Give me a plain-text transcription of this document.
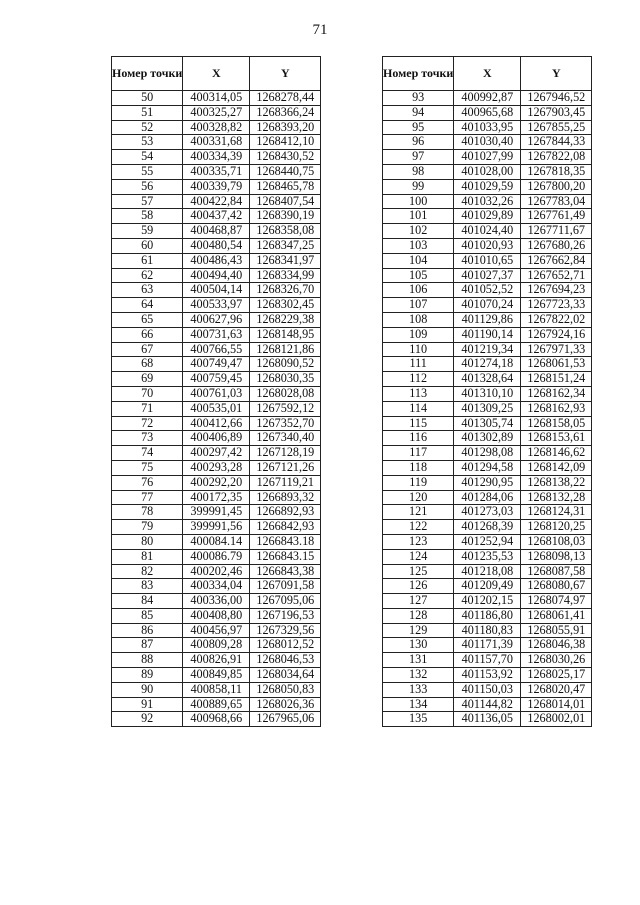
71
Номер точки	X	Y
50	400314,05	1268278,44
51	400325,27	1268366,24
52	400328,82	1268393,20
53	400331,68	1268412,10
54	400334,39	1268430,52
55	400335,71	1268440,75
56	400339,79	1268465,78
57	400422,84	1268407,54
58	400437,42	1268390,19
59	400468,87	1268358,08
60	400480,54	1268347,25
61	400486,43	1268341,97
62	400494,40	1268334,99
63	400504,14	1268326,70
64	400533,97	1268302,45
65	400627,96	1268229,38
66	400731,63	1268148,95
67	400766,55	1268121,86
68	400749,47	1268090,52
69	400759,45	1268030,35
70	400761,03	1268028,08
71	400535,01	1267592,12
72	400412,66	1267352,70
73	400406,89	1267340,40
74	400297,42	1267128,19
75	400293,28	1267121,26
76	400292,20	1267119,21
77	400172,35	1266893,32
78	399991,45	1266892,93
79	399991,56	1266842,93
80	400084.14	1266843.18
81	400086.79	1266843.15
82	400202,46	1266843,38
83	400334,04	1267091,58
84	400336,00	1267095,06
85	400408,80	1267196,53
86	400456,97	1267329,56
87	400809,28	1268012,52
88	400826,91	1268046,53
89	400849,85	1268034,64
90	400858,11	1268050,83
91	400889,65	1268026,36
92	400968,66	1267965,06
Номер точки	X	Y
93	400992,87	1267946,52
94	400965,68	1267903,45
95	401033,95	1267855,25
96	401030,40	1267844,33
97	401027,99	1267822,08
98	401028,00	1267818,35
99	401029,59	1267800,20
100	401032,26	1267783,04
101	401029,89	1267761,49
102	401024,40	1267711,67
103	401020,93	1267680,26
104	401010,65	1267662,84
105	401027,37	1267652,71
106	401052,52	1267694,23
107	401070,24	1267723,33
108	401129,86	1267822,02
109	401190,14	1267924,16
110	401219,34	1267971,33
111	401274,18	1268061,53
112	401328,64	1268151,24
113	401310,10	1268162,34
114	401309,25	1268162,93
115	401305,74	1268158,05
116	401302,89	1268153,61
117	401298,08	1268146,62
118	401294,58	1268142,09
119	401290,95	1268138,22
120	401284,06	1268132,28
121	401273,03	1268124,31
122	401268,39	1268120,25
123	401252,94	1268108,03
124	401235,53	1268098,13
125	401218,08	1268087,58
126	401209,49	1268080,67
127	401202,15	1268074,97
128	401186,80	1268061,41
129	401180,83	1268055,91
130	401171,39	1268046,38
131	401157,70	1268030,26
132	401153,92	1268025,17
133	401150,03	1268020,47
134	401144,82	1268014,01
135	401136,05	1268002,01
